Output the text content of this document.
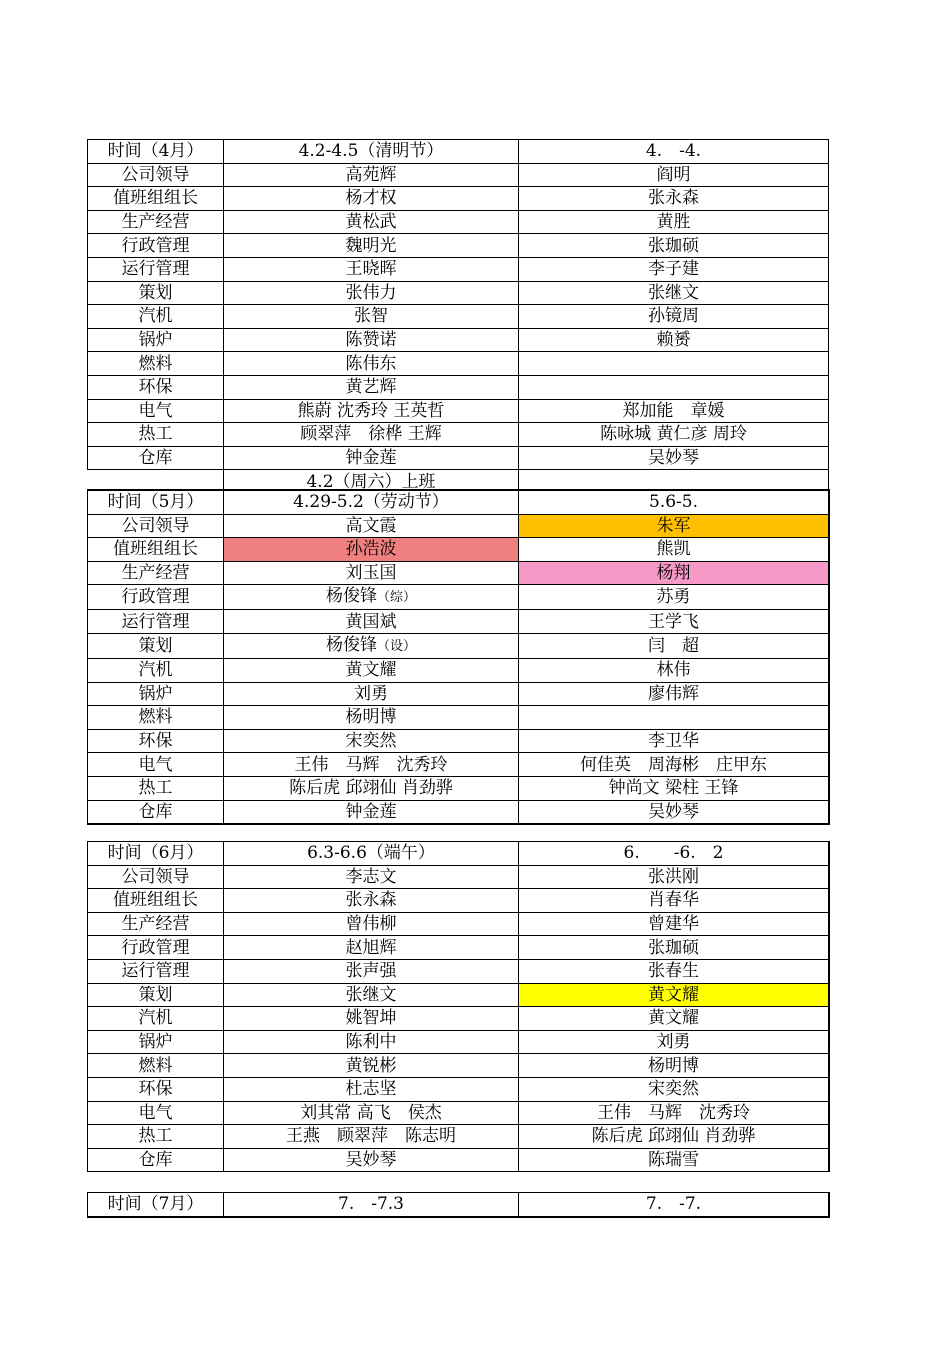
时间（4月）	4.2-4.5（清明节）	4.　-4.
公司领导	高苑辉	阎明
值班组组长	杨才权	张永森
生产经营	黄松武	黄胜
行政管理	魏明光	张珈硕
运行管理	王晓晖	李子建
策划	张伟力	张继文
汽机	张智	孙镜周
锅炉	陈赞诺	赖赟
燃料	陈伟东	
环保	黄艺辉	
电气	熊蔚 沈秀玲 王英哲	郑加能　章媛
热工	顾翠萍　徐桦 王辉	陈咏城 黄仁彦 周玲
仓库	钟金莲	吴妙琴
	4.2（周六）上班	
时间（5月）	4.29-5.2（劳动节）	5.6-5.
公司领导	高文霞	朱军
值班组组长	孙浩波	熊凯
生产经营	刘玉国	杨翔
行政管理	杨俊锋（综）	苏勇
运行管理	黄国斌	王学飞
策划	杨俊锋（设）	闫　超
汽机	黄文耀	林伟
锅炉	刘勇	廖伟辉
燃料	杨明博	
环保	宋奕然	李卫华
电气	王伟　马辉　沈秀玲	何佳英　周海彬　庄甲东
热工	陈后虎 邱翊仙 肖劲骅	钟尚文 梁柱 王锋
仓库	钟金莲	吴妙琴
时间（6月）	6.3-6.6（端午）	6.　　-6.　2
公司领导	李志文	张洪刚
值班组组长	张永森	肖春华
生产经营	曾伟柳	曾建华
行政管理	赵旭辉	张珈硕
运行管理	张声强	张春生
策划	张继文	黄文耀
汽机	姚智坤	黄文耀
锅炉	陈利中	刘勇
燃料	黄锐彬	杨明博
环保	杜志坚	宋奕然
电气	刘其常 高飞　侯杰	王伟　马辉　沈秀玲
热工	王燕　顾翠萍　陈志明	陈后虎 邱翊仙 肖劲骅
仓库	吴妙琴	陈瑞雪
时间（7月）	7.　-7.3	7.　-7.
